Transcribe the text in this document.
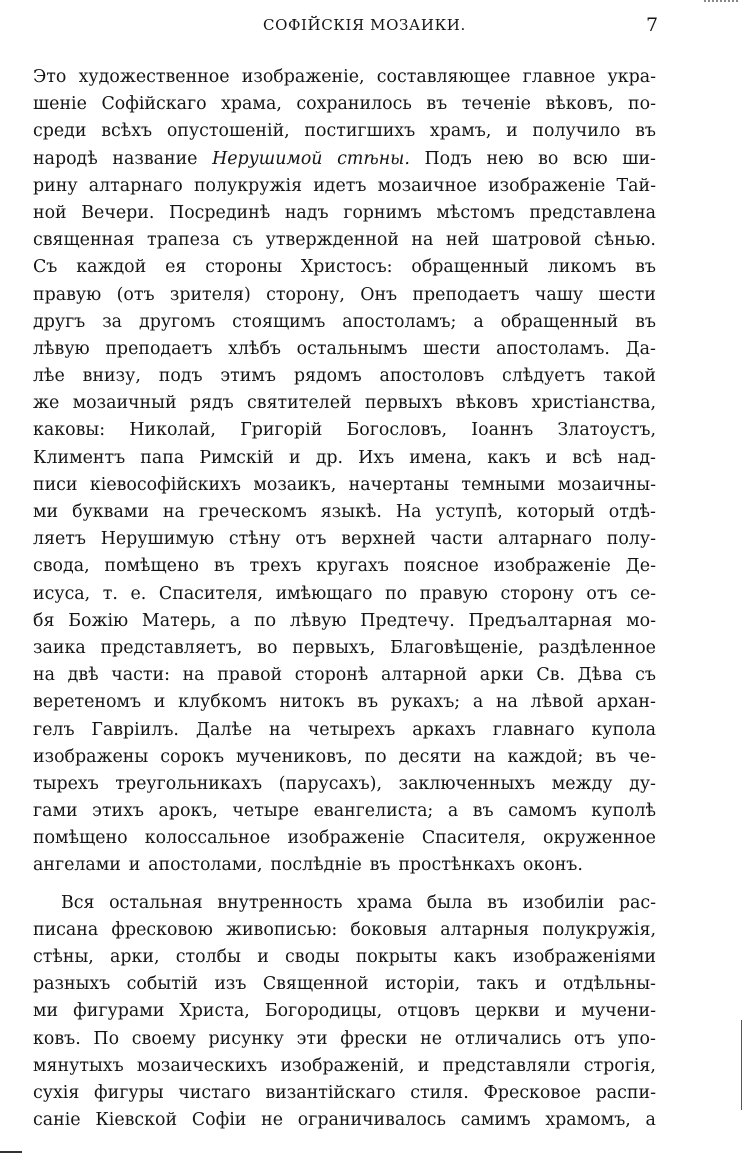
СОФІЙСКІЯ МОЗАИКИ.	7
Это художественное изображеніе, составляющее главное укра-
шеніе Софійскаго храма, сохранилось въ теченіе вѣковъ, по-
среди всѣхъ опустошеній, постигшихъ храмъ, и получило въ
народѣ название Нерушимой стѣны. Подъ нею во всю ши-
рину алтарнаго полукружія идетъ мозаичное изображеніе Тай-
ной Вечери. Посрединѣ надъ горнимъ мѣстомъ представлена
священная трапеза съ утвержденной на ней шатровой сѣнью.
Съ каждой ея стороны Христосъ: обращенный ликомъ въ
правую (отъ зрителя) сторону, Онъ преподаетъ чашу шести
другъ за другомъ стоящимъ апостоламъ; а обращенный въ
лѣвую преподаетъ хлѣбъ остальнымъ шести апостоламъ. Да-
лѣе внизу, подъ этимъ рядомъ апостоловъ слѣдуетъ такой
же мозаичный рядъ святителей первыхъ вѣковъ христіанства,
каковы: Николай, Григорій Богословъ, Іоаннъ Златоустъ,
Климентъ папа Римскій и др. Ихъ имена, какъ и всѣ над-
писи кіевософійскихъ мозаикъ, начертаны темными мозаичны-
ми буквами на греческомъ языкѣ. На уступѣ, который отдѣ-
ляетъ Нерушимую стѣну отъ верхней части алтарнаго полу-
свода, помѣщено въ трехъ кругахъ поясное изображеніе Де-
исуса, т. е. Спасителя, имѣющаго по правую сторону отъ се-
бя Божію Матерь, а по лѣвую Предтечу. Предъалтарная мо-
заика представляетъ, во первыхъ, Благовѣщеніе, раздѣленное
на двѣ части: на правой сторонѣ алтарной арки Св. Дѣва съ
веретеномъ и клубкомъ нитокъ въ рукахъ; а на лѣвой архан-
гелъ Гавріилъ. Далѣе на четырехъ аркахъ главнаго купола
изображены сорокъ мучениковъ, по десяти на каждой; въ че-
тырехъ треугольникахъ (парусахъ), заключенныхъ между ду-
гами этихъ арокъ, четыре евангелиста; а въ самомъ куполѣ
помѣщено колоссальное изображеніе Спасителя, окруженное
ангелами и апостолами, послѣдніе въ простѣнкахъ оконъ.
Вся остальная внутренность храма была въ изобиліи рас-
писана фресковою живописью: боковыя алтарныя полукружія,
стѣны, арки, столбы и своды покрыты какъ изображеніями
разныхъ событій изъ Священной исторіи, такъ и отдѣльны-
ми фигурами Христа, Богородицы, отцовъ церкви и мучени-
ковъ. По своему рисунку эти фрески не отличались отъ упо-
мянутыхъ мозаическихъ изображеній, и представляли строгія,
сухія фигуры чистаго византійскаго стиля. Фресковое распи-
саніе Кіевской Софіи не ограничивалось самимъ храмомъ, а
